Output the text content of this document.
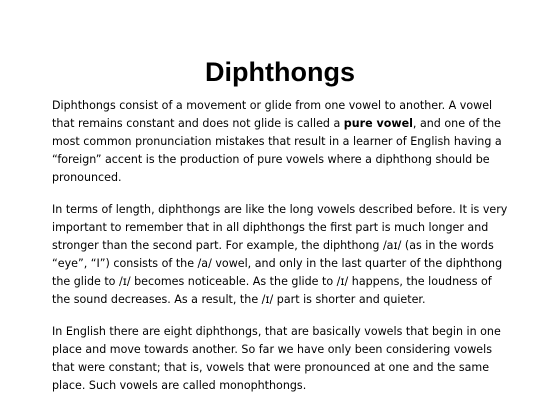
Diphthongs

Diphthongs consist of a movement or glide from one vowel to another. A vowel that remains constant and does not glide is called a pure vowel, and one of the most common pronunciation mistakes that result in a learner of English having a “foreign” accent is the production of pure vowels where a diphthong should be pronounced.

In terms of length, diphthongs are like the long vowels described before. It is very important to remember that in all diphthongs the first part is much longer and stronger than the second part. For example, the diphthong /aɪ/ (as in the words “eye”, “I”) consists of the /a/ vowel, and only in the last quarter of the diphthong the glide to /ɪ/ becomes noticeable. As the glide to /ɪ/ happens, the loudness of the sound decreases. As a result, the /ɪ/ part is shorter and quieter.

In English there are eight diphthongs, that are basically vowels that begin in one place and move towards another. So far we have only been considering vowels that were constant; that is, vowels that were pronounced at one and the same place. Such vowels are called monophthongs.
